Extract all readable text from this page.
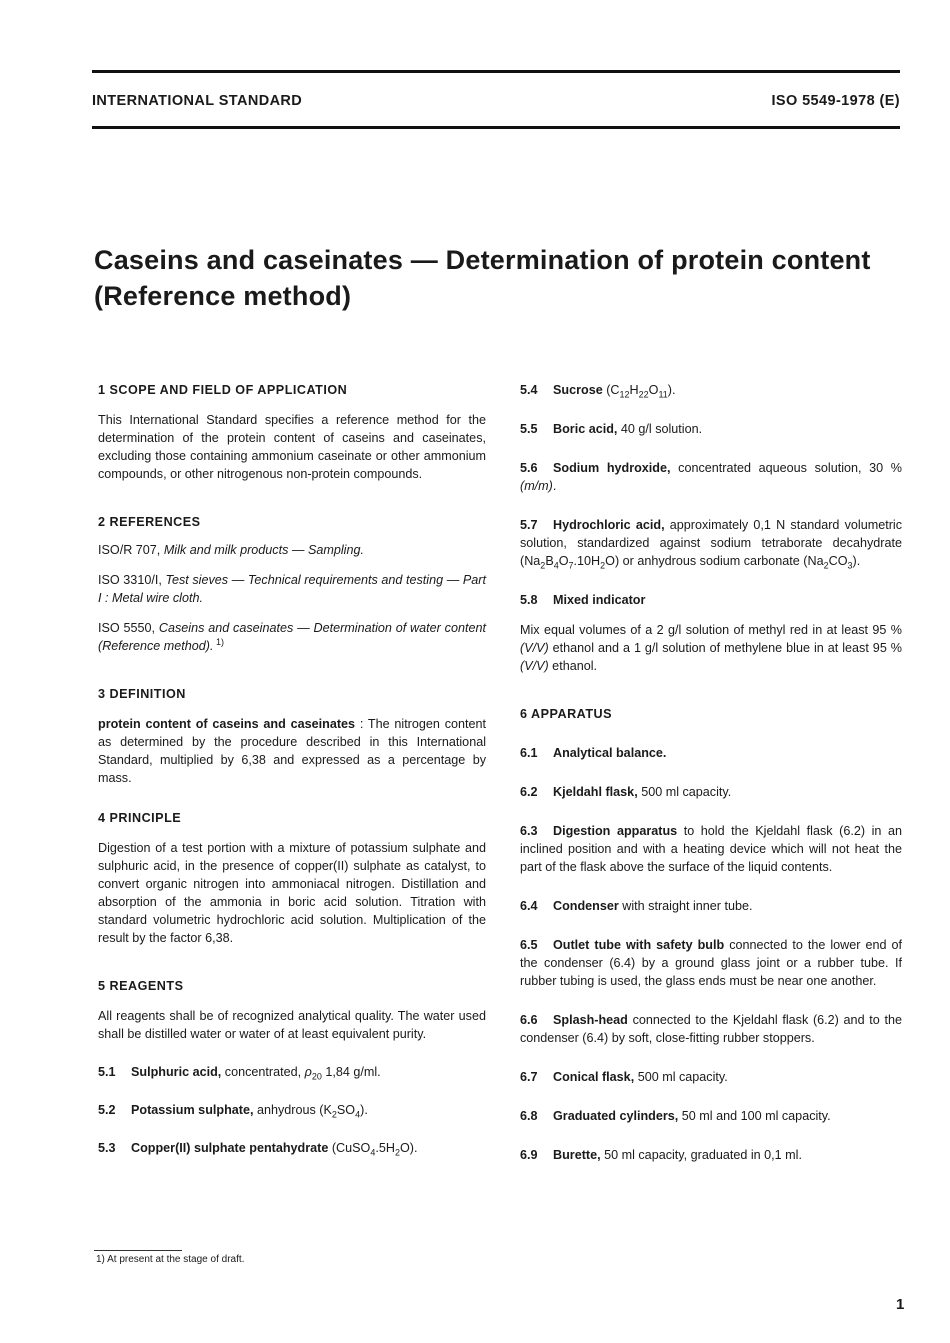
INTERNATIONAL STANDARD	ISO 5549-1978 (E)
Caseins and caseinates — Determination of protein content
(Reference method)

1 SCOPE AND FIELD OF APPLICATION

This International Standard specifies a reference method for the determination of the protein content of caseins and caseinates, excluding those containing ammonium caseinate or other ammonium compounds, or other nitrogenous non-protein compounds.

2 REFERENCES

ISO/R 707, Milk and milk products — Sampling.

ISO 3310/I, Test sieves — Technical requirements and testing — Part I : Metal wire cloth.

ISO 5550, Caseins and caseinates — Determination of water content (Reference method). $^{1)}$

3 DEFINITION

protein content of caseins and caseinates : The nitrogen content as determined by the procedure described in this International Standard, multiplied by 6,38 and expressed as a percentage by mass.

4 PRINCIPLE

Digestion of a test portion with a mixture of potassium sulphate and sulphuric acid, in the presence of copper(II) sulphate as catalyst, to convert organic nitrogen into ammoniacal nitrogen. Distillation and absorption of the ammonia in boric acid solution. Titration with standard volumetric hydrochloric acid solution. Multiplication of the result by the factor 6,38.

5 REAGENTS

All reagents shall be of recognized analytical quality. The water used shall be distilled water or water of at least equivalent purity.

5.1 Sulphuric acid, concentrated, $\rho_{20}$ 1,84 g/ml.

5.2 Potassium sulphate, anhydrous $(K_2SO_4)$.

5.3 Copper(II) sulphate pentahydrate $(CuSO_4.5H_2O)$.

5.4 Sucrose $(C_{12}H_{22}O_{11})$.

5.5 Boric acid, 40 g/l solution.

5.6 Sodium hydroxide, concentrated aqueous solution, 30 % (m/m).

5.7 Hydrochloric acid, approximately 0,1 N standard volumetric solution, standardized against sodium tetraborate decahydrate $(Na_2B_4O_7.10H_2O)$ or anhydrous sodium carbonate $(Na_2CO_3)$.

5.8 Mixed indicator

Mix equal volumes of a 2 g/l solution of methyl red in at least 95 % (V/V) ethanol and a 1 g/l solution of methylene blue in at least 95 % (V/V) ethanol.

6 APPARATUS

6.1 Analytical balance.

6.2 Kjeldahl flask, 500 ml capacity.

6.3 Digestion apparatus to hold the Kjeldahl flask (6.2) in an inclined position and with a heating device which will not heat the part of the flask above the surface of the liquid contents.

6.4 Condenser with straight inner tube.

6.5 Outlet tube with safety bulb connected to the lower end of the condenser (6.4) by a ground glass joint or a rubber tube. If rubber tubing is used, the glass ends must be near one another.

6.6 Splash-head connected to the Kjeldahl flask (6.2) and to the condenser (6.4) by soft, close-fitting rubber stoppers.

6.7 Conical flask, 500 ml capacity.

6.8 Graduated cylinders, 50 ml and 100 ml capacity.

6.9 Burette, 50 ml capacity, graduated in 0,1 ml.

1) At present at the stage of draft.
1
